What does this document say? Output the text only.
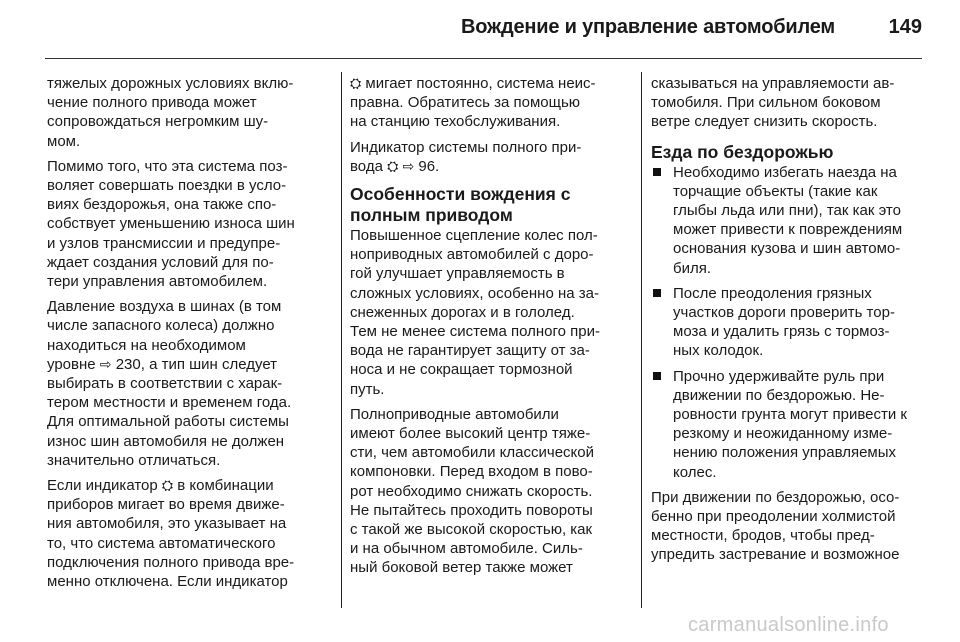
Вождение и управление автомобилем	149

тяжелых дорожных условиях вклю-
чение полного привода может
сопровождаться негромким шу-
мом.

Помимо того, что эта система поз-
воляет совершать поездки в усло-
виях бездорожья, она также спо-
собствует уменьшению износа шин
и узлов трансмиссии и предупре-
ждает создания условий для по-
тери управления автомобилем.

Давление воздуха в шинах (в том
числе запасного колеса) должно
находиться на необходимом
уровне ⇨ 230, а тип шин следует
выбирать в соответствии с харак-
тером местности и временем года.
Для оптимальной работы системы
износ шин автомобиля не должен
значительно отличаться.

Если индикатор ⛭ в комбинации
приборов мигает во время движе-
ния автомобиля, это указывает на
то, что система автоматического
подключения полного привода вре-
менно отключена. Если индикатор

⛭ мигает постоянно, система неис-
правна. Обратитесь за помощью
на станцию техобслуживания.

Индикатор системы полного при-
вода ⛭ ⇨ 96.

Особенности вождения с
полным приводом

Повышенное сцепление колес пол-
ноприводных автомобилей с доро-
гой улучшает управляемость в
сложных условиях, особенно на за-
снеженных дорогах и в гололед.
Тем не менее система полного при-
вода не гарантирует защиту от за-
носа и не сокращает тормозной
путь.

Полноприводные автомобили
имеют более высокий центр тяже-
сти, чем автомобили классической
компоновки. Перед входом в пово-
рот необходимо снижать скорость.
Не пытайтесь проходить повороты
с такой же высокой скоростью, как
и на обычном автомобиле. Силь-
ный боковой ветер также может

сказываться на управляемости ав-
томобиля. При сильном боковом
ветре следует снизить скорость.

Езда по бездорожью
Необходимо избегать наезда на
торчащие объекты (такие как
глыбы льда или пни), так как это
может привести к повреждениям
основания кузова и шин автомо-
биля.
После преодоления грязных
участков дороги проверить тор-
моза и удалить грязь с тормоз-
ных колодок.
Прочно удерживайте руль при
движении по бездорожью. Не-
ровности грунта могут привести к
резкому и неожиданному изме-
нению положения управляемых
колес.

При движении по бездорожью, осо-
бенно при преодолении холмистой
местности, бродов, чтобы пред-
упредить застревание и возможное

carmanualsonline.info
